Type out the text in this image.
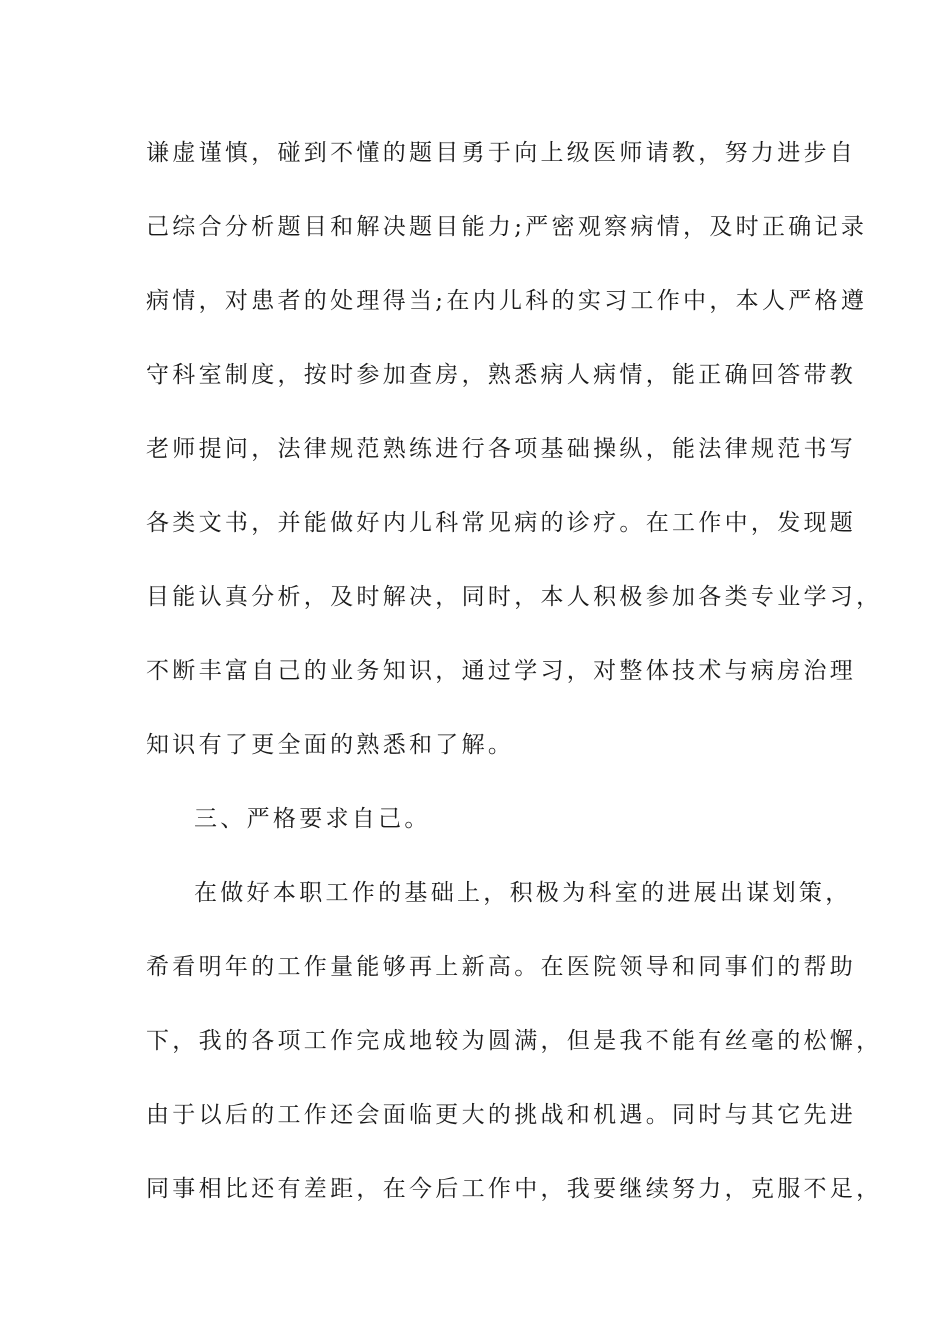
谦虚谨慎，碰到不懂的题目勇于向上级医师请教，努力进步自
己综合分析题目和解决题目能力;严密观察病情，及时正确记录
病情，对患者的处理得当;在内儿科的实习工作中，本人严格遵
守科室制度，按时参加查房，熟悉病人病情，能正确回答带教
老师提问，法律规范熟练进行各项基础操纵，能法律规范书写
各类文书，并能做好内儿科常见病的诊疗。在工作中，发现题
目能认真分析，及时解决，同时，本人积极参加各类专业学习，
不断丰富自己的业务知识，通过学习，对整体技术与病房治理
知识有了更全面的熟悉和了解。
三、严格要求自己。
在做好本职工作的基础上，积极为科室的进展出谋划策，
希看明年的工作量能够再上新高。在医院领导和同事们的帮助
下，我的各项工作完成地较为圆满，但是我不能有丝毫的松懈，
由于以后的工作还会面临更大的挑战和机遇。同时与其它先进
同事相比还有差距，在今后工作中，我要继续努力，克服不足，
